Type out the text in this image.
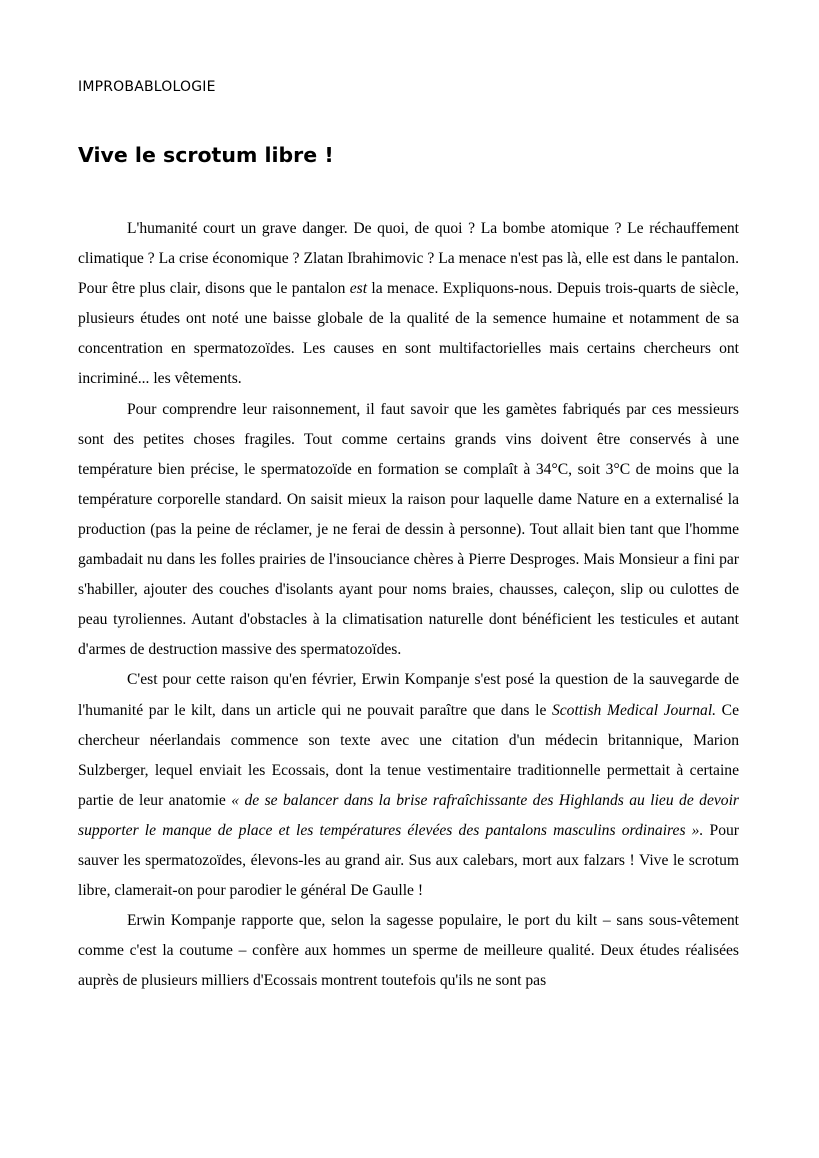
IMPROBABLOLOGIE
Vive le scrotum libre !

L'humanité court un grave danger. De quoi, de quoi ? La bombe atomique ? Le réchauffement climatique ? La crise économique ? Zlatan Ibrahimovic ? La menace n'est pas là, elle est dans le pantalon. Pour être plus clair, disons que le pantalon est la menace. Expliquons-nous. Depuis trois-quarts de siècle, plusieurs études ont noté une baisse globale de la qualité de la semence humaine et notamment de sa concentration en spermatozoïdes. Les causes en sont multifactorielles mais certains chercheurs ont incriminé... les vêtements.

Pour comprendre leur raisonnement, il faut savoir que les gamètes fabriqués par ces messieurs sont des petites choses fragiles. Tout comme certains grands vins doivent être conservés à une température bien précise, le spermatozoïde en formation se complaît à 34°C, soit 3°C de moins que la température corporelle standard. On saisit mieux la raison pour laquelle dame Nature en a externalisé la production (pas la peine de réclamer, je ne ferai de dessin à personne). Tout allait bien tant que l'homme gambadait nu dans les folles prairies de l'insouciance chères à Pierre Desproges. Mais Monsieur a fini par s'habiller, ajouter des couches d'isolants ayant pour noms braies, chausses, caleçon, slip ou culottes de peau tyroliennes. Autant d'obstacles à la climatisation naturelle dont bénéficient les testicules et autant d'armes de destruction massive des spermatozoïdes.

C'est pour cette raison qu'en février, Erwin Kompanje s'est posé la question de la sauvegarde de l'humanité par le kilt, dans un article qui ne pouvait paraître que dans le Scottish Medical Journal. Ce chercheur néerlandais commence son texte avec une citation d'un médecin britannique, Marion Sulzberger, lequel enviait les Ecossais, dont la tenue vestimentaire traditionnelle permettait à certaine partie de leur anatomie « de se balancer dans la brise rafraîchissante des Highlands au lieu de devoir supporter le manque de place et les températures élevées des pantalons masculins ordinaires ». Pour sauver les spermatozoïdes, élevons-les au grand air. Sus aux calebars, mort aux falzars ! Vive le scrotum libre, clamerait-on pour parodier le général De Gaulle !

Erwin Kompanje rapporte que, selon la sagesse populaire, le port du kilt – sans sous-vêtement comme c'est la coutume – confère aux hommes un sperme de meilleure qualité. Deux études réalisées auprès de plusieurs milliers d'Ecossais montrent toutefois qu'ils ne sont pas
